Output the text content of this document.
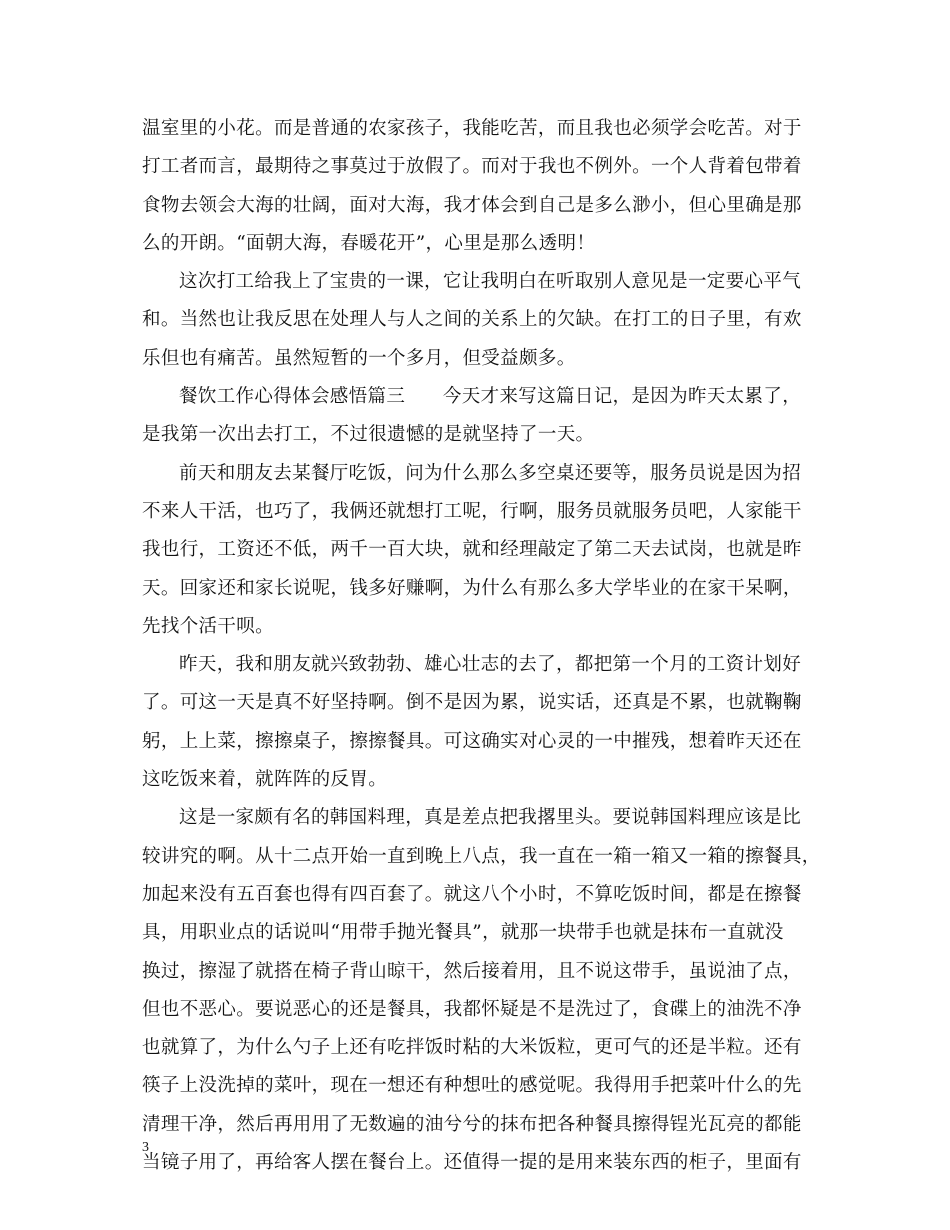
温室里的小花。而是普通的农家孩子，我能吃苦，而且我也必须学会吃苦。对于
打工者而言，最期待之事莫过于放假了。而对于我也不例外。一个人背着包带着
食物去领会大海的壮阔，面对大海，我才体会到自己是多么渺小，但心里确是那
么的开朗。“面朝大海，春暖花开”，心里是那么透明！

这次打工给我上了宝贵的一课，它让我明白在听取别人意见是一定要心平气
和。当然也让我反思在处理人与人之间的关系上的欠缺。在打工的日子里，有欢
乐但也有痛苦。虽然短暂的一个多月，但受益颇多。

餐饮工作心得体会感悟篇三　　今天才来写这篇日记，是因为昨天太累了，
是我第一次出去打工，不过很遗憾的是就坚持了一天。

前天和朋友去某餐厅吃饭，问为什么那么多空桌还要等，服务员说是因为招
不来人干活，也巧了，我俩还就想打工呢，行啊，服务员就服务员吧，人家能干
我也行，工资还不低，两千一百大块，就和经理敲定了第二天去试岗，也就是昨
天。回家还和家长说呢，钱多好赚啊，为什么有那么多大学毕业的在家干呆啊，
先找个活干呗。

昨天，我和朋友就兴致勃勃、雄心壮志的去了，都把第一个月的工资计划好
了。可这一天是真不好坚持啊。倒不是因为累，说实话，还真是不累，也就鞠鞠
躬，上上菜，擦擦桌子，擦擦餐具。可这确实对心灵的一中摧残，想着昨天还在
这吃饭来着，就阵阵的反胃。

这是一家颇有名的韩国料理，真是差点把我撂里头。要说韩国料理应该是比
较讲究的啊。从十二点开始一直到晚上八点，我一直在一箱一箱又一箱的擦餐具，
加起来没有五百套也得有四百套了。就这八个小时，不算吃饭时间，都是在擦餐
具，用职业点的话说叫“用带手抛光餐具”，就那一块带手也就是抹布一直就没
换过，擦湿了就搭在椅子背山晾干，然后接着用，且不说这带手，虽说油了点，
但也不恶心。要说恶心的还是餐具，我都怀疑是不是洗过了，食碟上的油洗不净
也就算了，为什么勺子上还有吃拌饭时粘的大米饭粒，更可气的还是半粒。还有
筷子上没洗掉的菜叶，现在一想还有种想吐的感觉呢。我得用手把菜叶什么的先
清理干净，然后再用用了无数遍的油兮兮的抹布把各种餐具擦得锃光瓦亮的都能
当镜子用了，再给客人摆在餐台上。还值得一提的是用来装东西的柜子，里面有

3
